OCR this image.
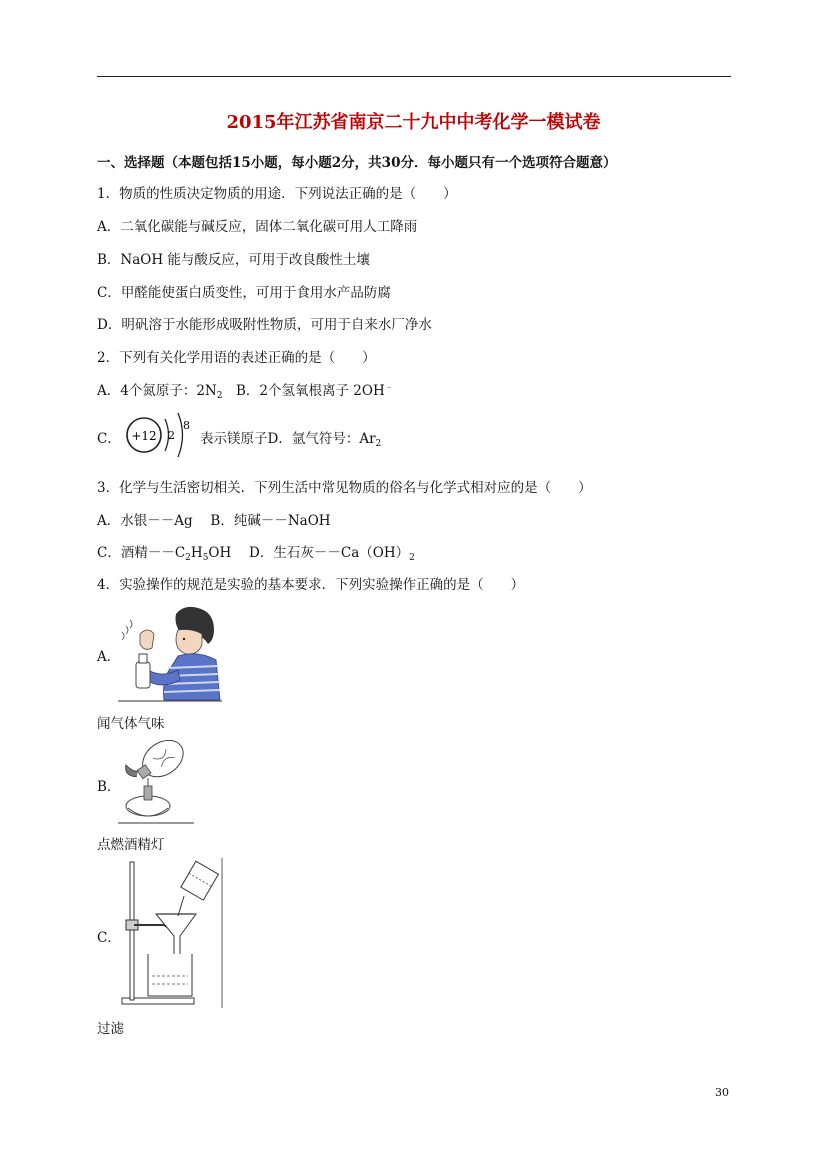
2015年江苏省南京二十九中中考化学一模试卷
一、选择题（本题包括15小题，每小题2分，共30分．每小题只有一个选项符合题意）
1．物质的性质决定物质的用途．下列说法正确的是（　　）
A．二氧化碳能与碱反应，固体二氧化碳可用人工降雨
B．NaOH 能与酸反应，可用于改良酸性土壤
C．甲醛能使蛋白质变性，可用于食用水产品防腐
D．明矾溶于水能形成吸附性物质，可用于自来水厂净水
2．下列有关化学用语的表述正确的是（　　）
A．4个氮原子：$2N_2$　 B．2个氢氧根离子 2OH﹣
C． +12 2
8
表示镁原子D．氩气符号：$Ar_2$
3．化学与生活密切相关．下列生活中常见物质的俗名与化学式相对应的是（　　）
A．水银－－Ag　 B．纯碱－－NaOH
C．酒精$--C_2H_5OH$　 D．生石灰$--Ca(OH)_2$
4．实验操作的规范是实验的基本要求．下列实验操作正确的是（　　）
A．
闻气体气味
B．
点燃酒精灯
C．
过滤
30
